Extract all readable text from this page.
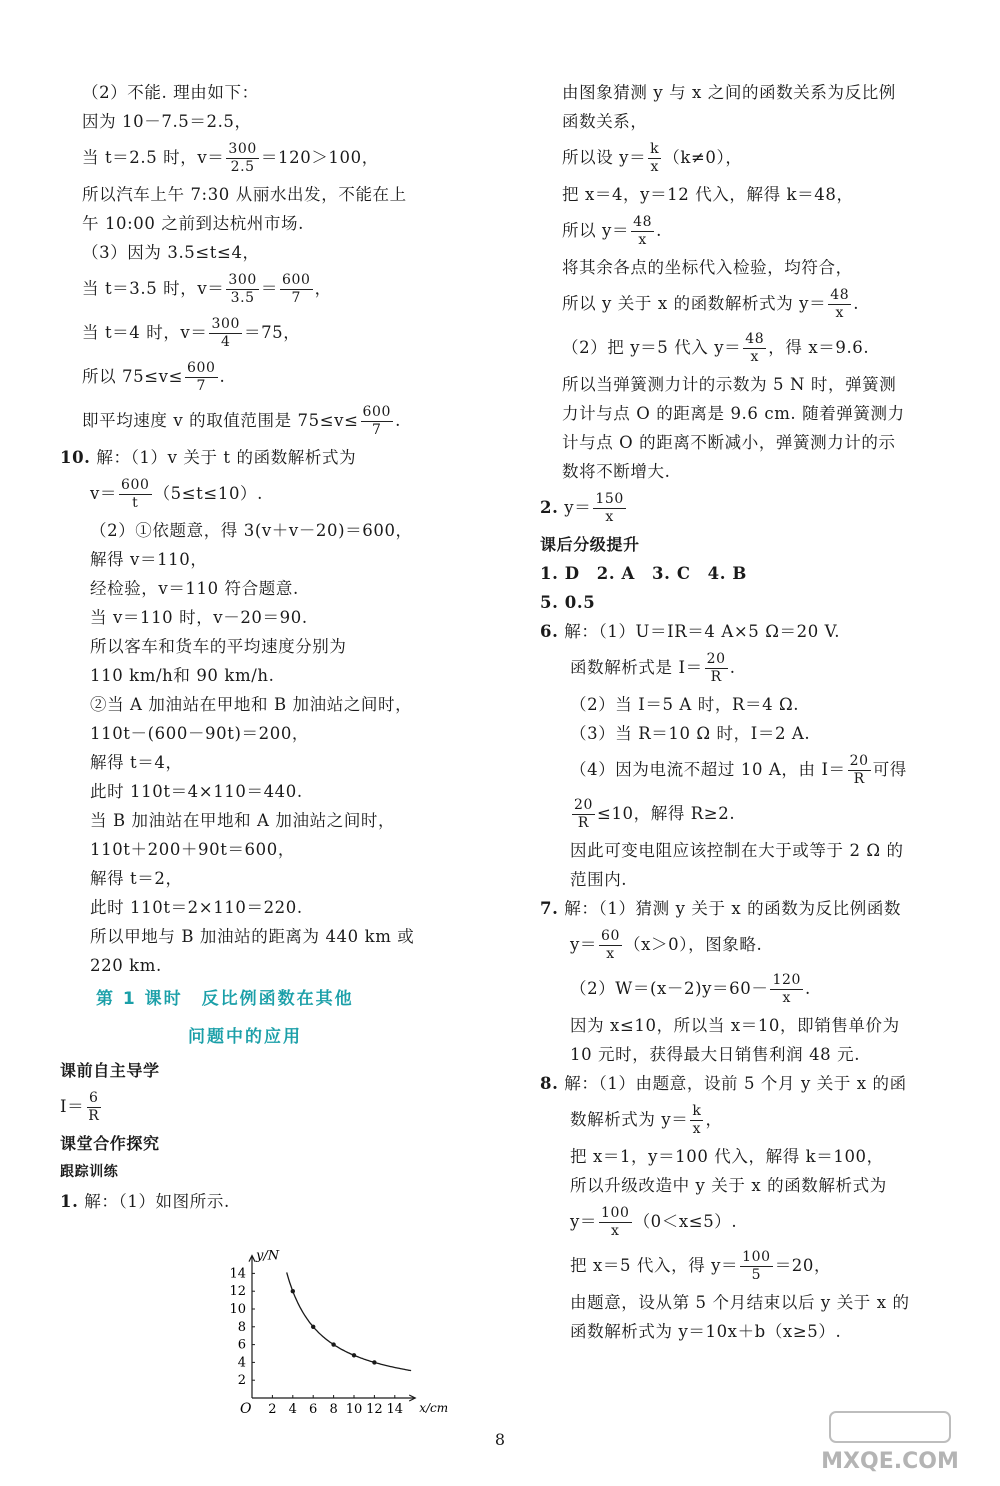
（2）不能. 理由如下：
因为 10－7.5＝2.5，
当 t＝2.5 时，$v= \frac{300}{2.5} =120>100$，
所以汽车上午 7:30 从丽水出发，不能在上
午 10:00 之前到达杭州市场.
（3）因为 3.5≤t≤4，
当 t＝3.5 时，$v= \frac{300}{3.5} = \frac{600}{7}$ ，
当 t＝4 时，$v= \frac{300}{4} =75$，
所以 $75\le v\le \frac{600}{7}$ .
即平均速度 v 的取值范围是 $75\le v\le \frac{600}{7}$ .
10. 解：（1）v 关于 t 的函数解析式为
$v= \frac{600}{t} (5\le t\le 10)$.
（2）①依题意，得 3(v＋v－20)＝600，
解得 v＝110，
经检验，v＝110 符合题意.
当 v＝110 时，v－20＝90.
所以客车和货车的平均速度分别为
110 km/h和 90 km/h.
②当 A 加油站在甲地和 B 加油站之间时，
110t－(600－90t)＝200，
解得 t＝4，
此时 110t＝4×110＝440.
当 B 加油站在甲地和 A 加油站之间时，
110t＋200＋90t＝600，
解得 t＝2，
此时 110t＝2×110＝220.
所以甲地与 B 加油站的距离为 440 km 或
220 km.
第 1 课时　反比例函数在其他
问题中的应用
课前自主导学
$I= \frac{6}{R}$
课堂合作探究
跟踪训练
1. 解：（1）如图所示.
2 4 6 8 10 12 14
2
4
6
8
10
12
14
y/N
x/cm
O
由图象猜测 y 与 x 之间的函数关系为反比例
函数关系，
所以设 $y= \frac{k}{x} (k\ne 0)$，
把 x＝4，y＝12 代入，解得 k＝48，
所以 $y= \frac{48}{x}$ .
将其余各点的坐标代入检验，均符合，
所以 y 关于 x 的函数解析式为 $y= \frac{48}{x}$ .
（2）把 y＝5 代入 $y= \frac{48}{x}$ ，得 x＝9.6.
所以当弹簧测力计的示数为 5 N 时，弹簧测
力计与点 O 的距离是 9.6 cm. 随着弹簧测力
计与点 O 的距离不断减小，弹簧测力计的示
数将不断增大.
2. $y= \frac{150}{x}$
课后分级提升
1. D　2. A　3. C　4. B
5. 0.5
6. 解：（1）U＝IR＝4 A×5 Ω＝20 V.
函数解析式是 $I= \frac{20}{R}$ .
（2）当 I＝5 A 时，R＝4 Ω.
（3）当 R＝10 Ω 时，I＝2 A.
（4）因为电流不超过 10 A，由 $I= \frac{20}{R}$ 可得
$\frac{20}{R} \le 10$，解得 R≥2.
因此可变电阻应该控制在大于或等于 2 Ω 的
范围内.
7. 解：（1）猜测 y 关于 x 的函数为反比例函数
$y= \frac{60}{x} (x>0)$，图象略.
$(2)W=(x-2)y=60- \frac{120}{x}$ .
因为 x≤10，所以当 x＝10，即销售单价为
10 元时，获得最大日销售利润 48 元.
8. 解：（1）由题意，设前 5 个月 y 关于 x 的函
数解析式为 $y= \frac{k}{x}$ ，
把 x＝1，y＝100 代入，解得 k＝100，
所以升级改造中 y 关于 x 的函数解析式为
$y= \frac{100}{x} (0<x\le 5)$.
把 x＝5 代入，得 $y= \frac{100}{5} =20$，
由题意，设从第 5 个月结束以后 y 关于 x 的
函数解析式为 y＝10x＋b（x≥5）.
8
MXQE.COM
